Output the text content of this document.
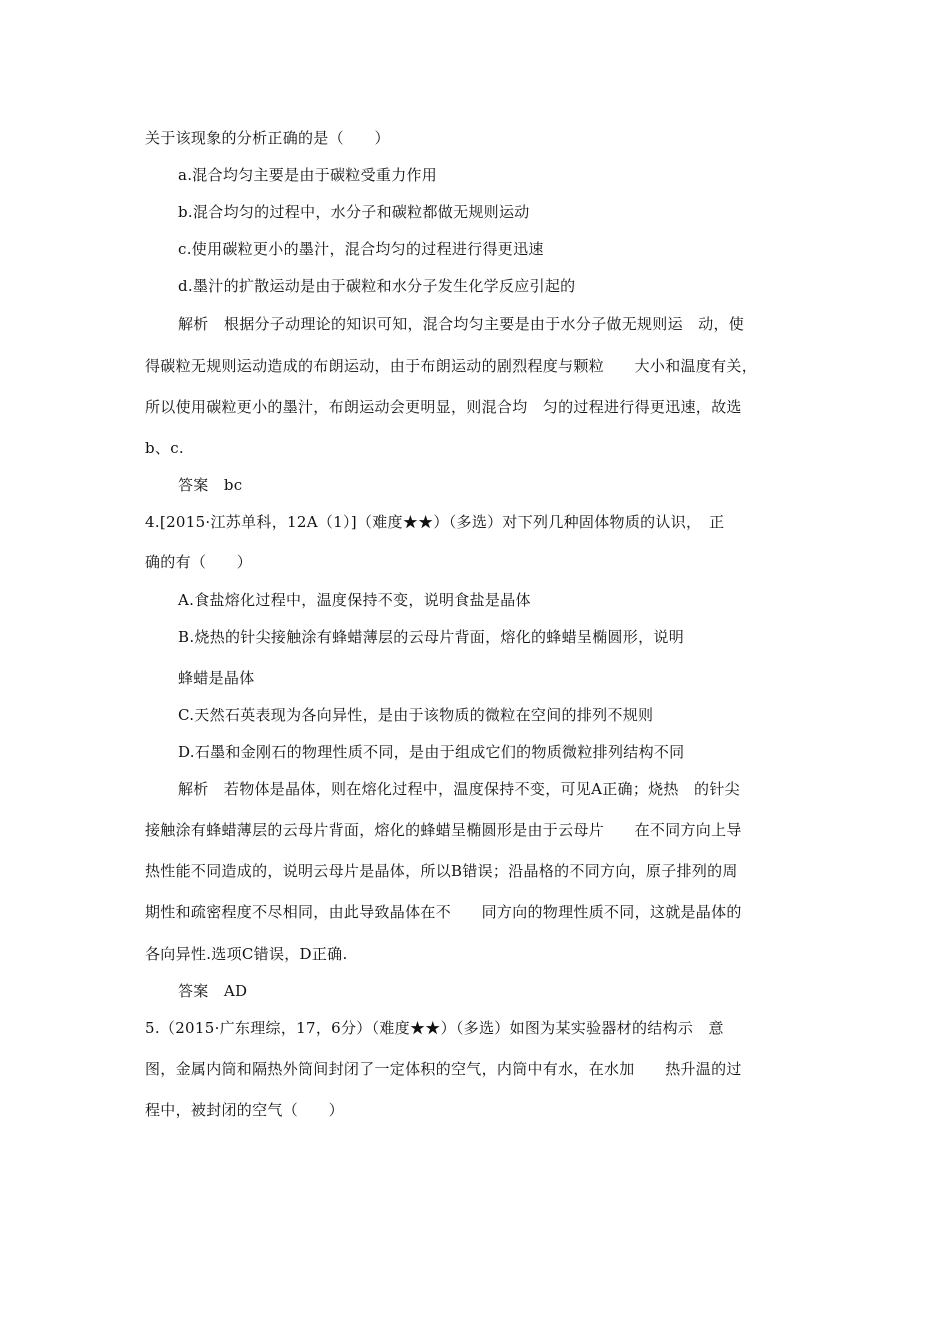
关于该现象的分析正确的是（　　）
a.混合均匀主要是由于碳粒受重力作用
b.混合均匀的过程中，水分子和碳粒都做无规则运动
c.使用碳粒更小的墨汁，混合均匀的过程进行得更迅速
d.墨汁的扩散运动是由于碳粒和水分子发生化学反应引起的
解析　根据分子动理论的知识可知，混合均匀主要是由于水分子做无规则运　动，使
得碳粒无规则运动造成的布朗运动，由于布朗运动的剧烈程度与颗粒　　大小和温度有关，
所以使用碳粒更小的墨汁，布朗运动会更明显，则混合均　匀的过程进行得更迅速，故选
b、c.
答案　bc
4.[2015·江苏单科，12A（1）]（难度★★）（多选）对下列几种固体物质的认识，　正
确的有（　　）
A.食盐熔化过程中，温度保持不变，说明食盐是晶体
B.烧热的针尖接触涂有蜂蜡薄层的云母片背面，熔化的蜂蜡呈椭圆形，说明
蜂蜡是晶体
C.天然石英表现为各向异性，是由于该物质的微粒在空间的排列不规则
D.石墨和金刚石的物理性质不同，是由于组成它们的物质微粒排列结构不同
解析　若物体是晶体，则在熔化过程中，温度保持不变，可见A正确；烧热　的针尖
接触涂有蜂蜡薄层的云母片背面，熔化的蜂蜡呈椭圆形是由于云母片　　在不同方向上导
热性能不同造成的，说明云母片是晶体，所以B错误；沿晶格的不同方向，原子排列的周
期性和疏密程度不尽相同，由此导致晶体在不　　同方向的物理性质不同，这就是晶体的
各向异性.选项C错误，D正确.
答案　AD
5.（2015·广东理综，17，6分）（难度★★）（多选）如图为某实验器材的结构示　意
图，金属内筒和隔热外筒间封闭了一定体积的空气，内筒中有水，在水加　　热升温的过
程中，被封闭的空气（　　）
